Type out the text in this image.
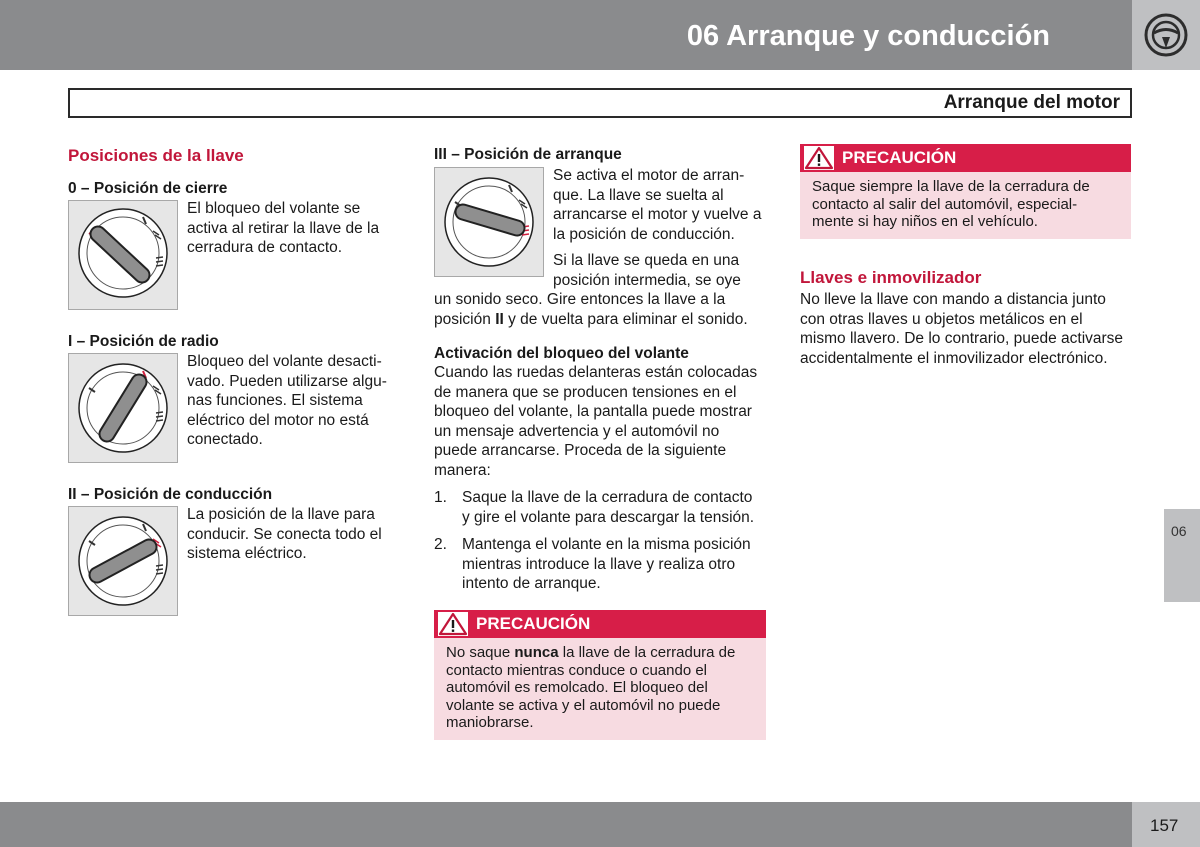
06 Arranque y conducción
Arranque del motor
Posiciones de la llave
0 – Posición de cierre
El bloqueo del volante se
activa al retirar la llave de la
cerradura de contacto.
I – Posición de radio
Bloqueo del volante desacti-
vado. Pueden utilizarse algu-
nas funciones. El sistema
eléctrico del motor no está
conectado.
II – Posición de conducción
La posición de la llave para
conducir. Se conecta todo el
sistema eléctrico.
III – Posición de arranque
Se activa el motor de arran-
que. La llave se suelta al
arrancarse el motor y vuelve a
la posición de conducción.
Si la llave se queda en una
posición intermedia, se oye
un sonido seco. Gire entonces la llave a la
posición II y de vuelta para eliminar el sonido.
Activación del bloqueo del volante
Cuando las ruedas delanteras están colocadas
de manera que se producen tensiones en el
bloqueo del volante, la pantalla puede mostrar
un mensaje advertencia y el automóvil no
puede arrancarse. Proceda de la siguiente
manera:
1. Saque la llave de la cerradura de contacto
y gire el volante para descargar la tensión.
2. Mantenga el volante en la misma posición
mientras introduce la llave y realiza otro
intento de arranque.
PRECAUCIÓN
No saque nunca la llave de la cerradura de
contacto mientras conduce o cuando el
automóvil es remolcado. El bloqueo del
volante se activa y el automóvil no puede
maniobrarse.
PRECAUCIÓN
Saque siempre la llave de la cerradura de
contacto al salir del automóvil, especial-
mente si hay niños en el vehículo.
Llaves e inmovilizador
No lleve la llave con mando a distancia junto
con otras llaves u objetos metálicos en el
mismo llavero. De lo contrario, puede activarse
accidentalmente el inmovilizador electrónico.
06
157
